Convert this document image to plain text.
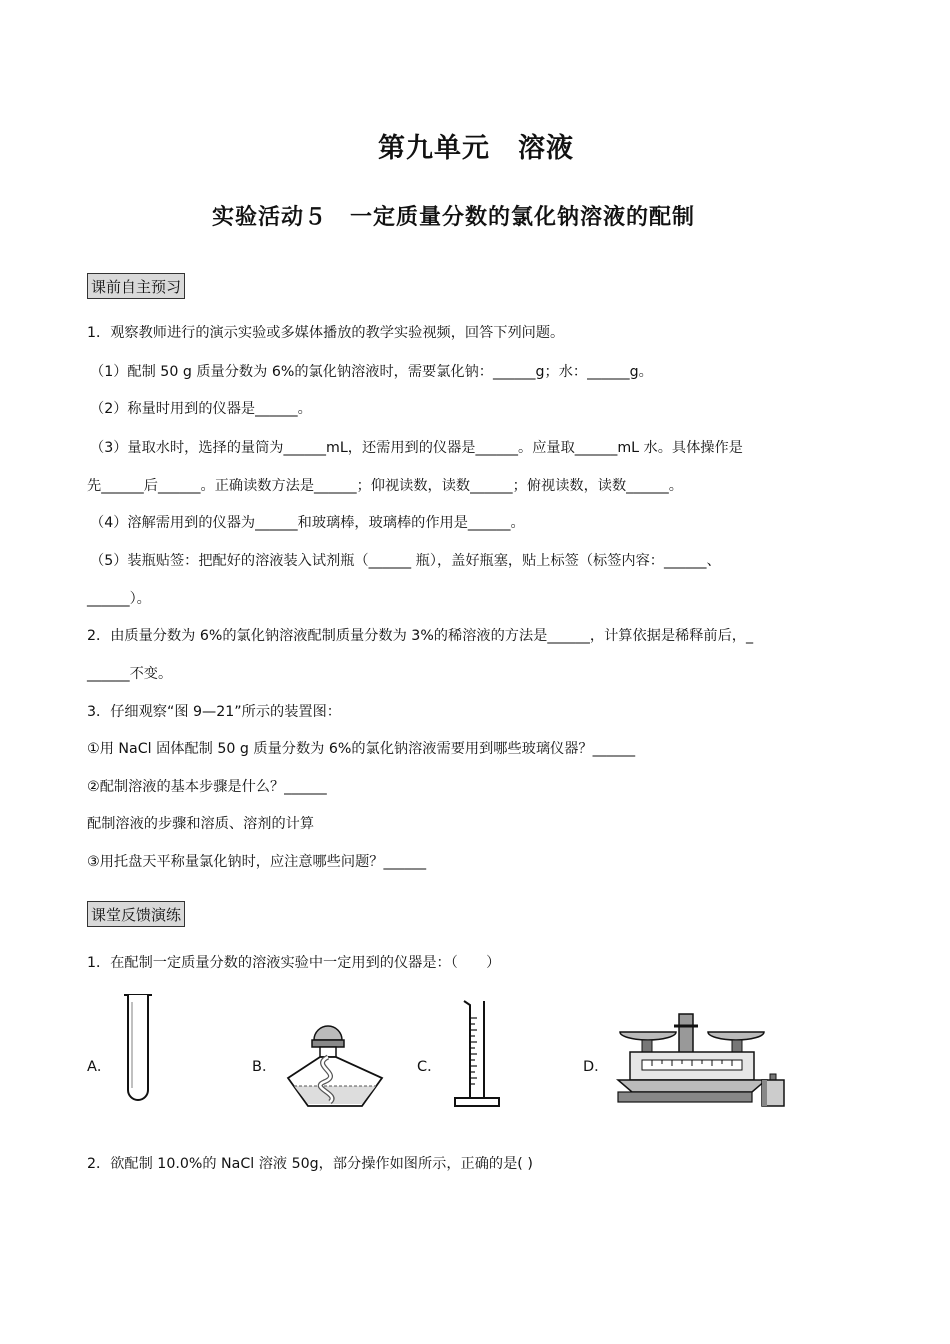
第九单元　溶液
实验活动５　一定质量分数的氯化钠溶液的配制
课前自主预习
1．观察教师进行的演示实验或多媒体播放的教学实验视频，回答下列问题。
（1）配制 50 g 质量分数为 6%的氯化钠溶液时，需要氯化钠：______g；水：______g。
（2）称量时用到的仪器是______。
（3）量取水时，选择的量筒为______mL，还需用到的仪器是______。应量取______mL 水。具体操作是
先______后______。正确读数方法是______；仰视读数，读数______；俯视读数，读数______。
（4）溶解需用到的仪器为______和玻璃棒，玻璃棒的作用是______。
（5）装瓶贴签：把配好的溶液装入试剂瓶（______ 瓶），盖好瓶塞，贴上标签（标签内容：______、
______）。
2．由质量分数为 6%的氯化钠溶液配制质量分数为 3%的稀溶液的方法是______，计算依据是稀释前后，_
______不变。
3．仔细观察“图 9—21”所示的装置图：
①用 NaCl 固体配制 50 g 质量分数为 6%的氯化钠溶液需要用到哪些玻璃仪器？______
②配制溶液的基本步骤是什么？______
配制溶液的步骤和溶质、溶剂的计算
③用托盘天平称量氯化钠时，应注意哪些问题？______
课堂反馈演练
1．在配制一定质量分数的溶液实验中一定用到的仪器是：（　　）
A．	B．	C．	D．
2．欲配制 10.0%的 NaCl 溶液 50g，部分操作如图所示，正确的是( )
